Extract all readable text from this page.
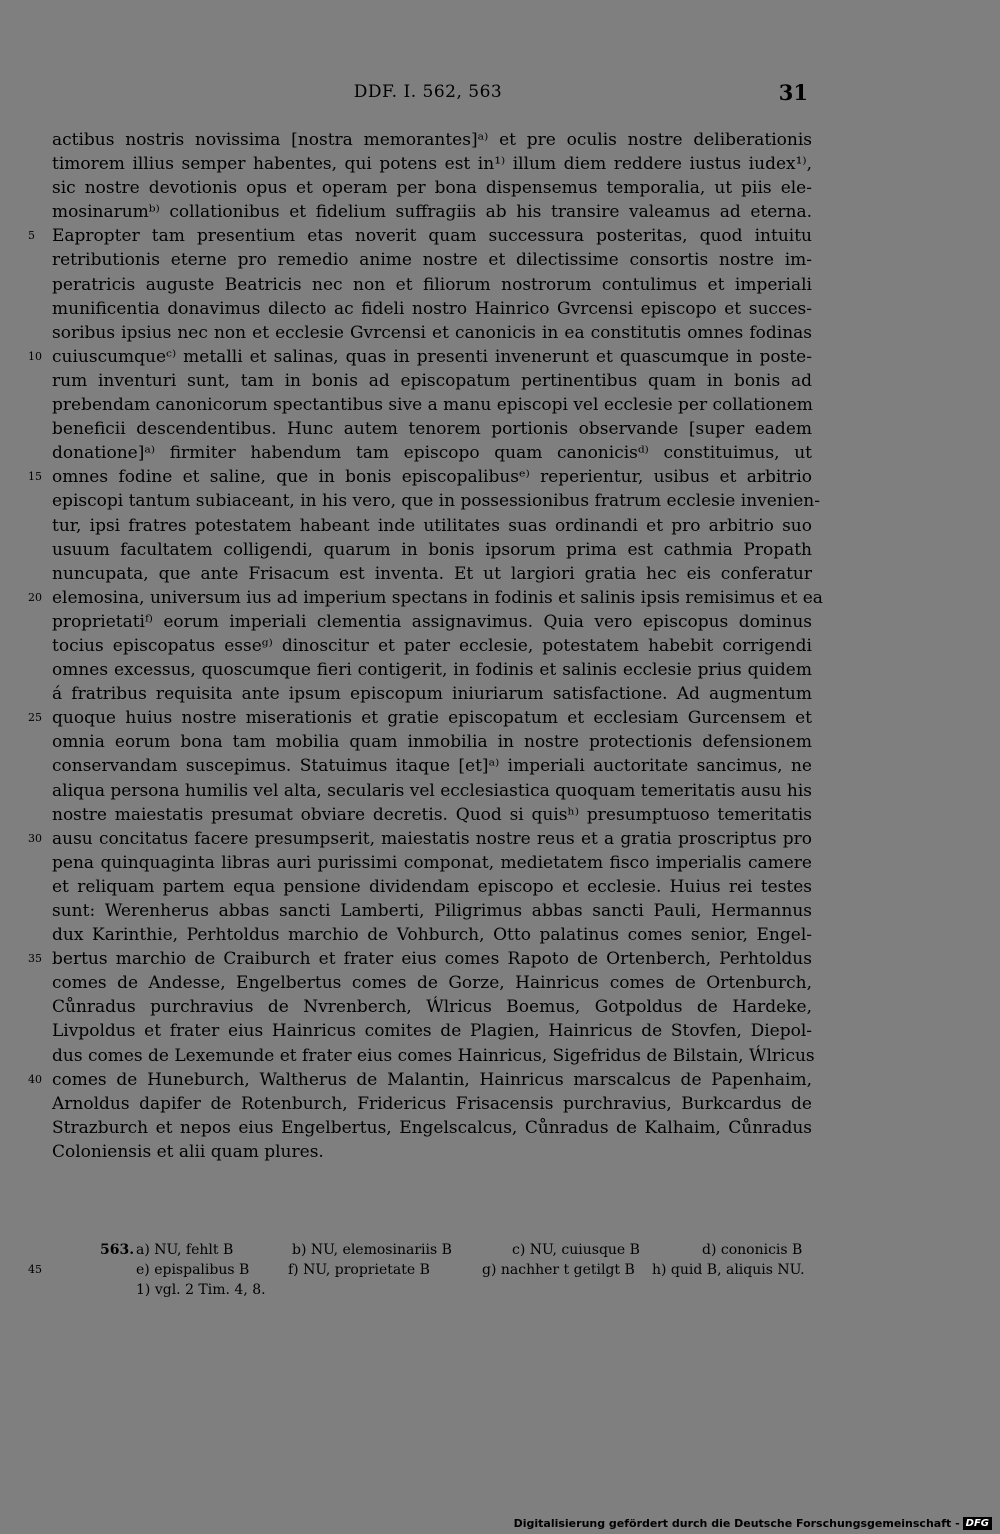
DDF. I. 562, 563	31
actibus nostris novissima [nostra memorantes]ᵃ⁾ et pre oculis nostre deliberationis
timorem illius semper habentes, qui potens est in¹⁾ illum diem reddere iustus iudex¹⁾,
sic nostre devotionis opus et operam per bona dispensemus temporalia, ut piis ele-
mosinarumᵇ⁾ collationibus et fidelium suffragiis ab his transire valeamus ad eterna.
5 Eapropter tam presentium etas noverit quam successura posteritas, quod intuitu
retributionis eterne pro remedio anime nostre et dilectissime consortis nostre im-
peratricis auguste Beatricis nec non et filiorum nostrorum contulimus et imperiali
munificentia donavimus dilecto ac fideli nostro Hainrico Gvrcensi episcopo et succes-
soribus ipsius nec non et ecclesie Gvrcensi et canonicis in ea constitutis omnes fodinas
10 cuiuscumqueᶜ⁾ metalli et salinas, quas in presenti invenerunt et quascumque in poste-
rum inventuri sunt, tam in bonis ad episcopatum pertinentibus quam in bonis ad
prebendam canonicorum spectantibus sive a manu episcopi vel ecclesie per collationem
beneficii descendentibus. Hunc autem tenorem portionis observande [super eadem
donatione]ᵃ⁾ firmiter habendum tam episcopo quam canonicisᵈ⁾ constituimus, ut
15 omnes fodine et saline, que in bonis episcopalibusᵉ⁾ reperientur, usibus et arbitrio
episcopi tantum subiaceant, in his vero, que in possessionibus fratrum ecclesie invenien-
tur, ipsi fratres potestatem habeant inde utilitates suas ordinandi et pro arbitrio suo
usuum facultatem colligendi, quarum in bonis ipsorum prima est cathmia Propath
nuncupata, que ante Frisacum est inventa. Et ut largiori gratia hec eis conferatur
20 elemosina, universum ius ad imperium spectans in fodinis et salinis ipsis remisimus et ea
proprietatiᶠ⁾ eorum imperiali clementia assignavimus. Quia vero episcopus dominus
tocius episcopatus esseᵍ⁾ dinoscitur et pater ecclesie, potestatem habebit corrigendi
omnes excessus, quoscumque fieri contigerit, in fodinis et salinis ecclesie prius quidem
á fratribus requisita ante ipsum episcopum iniuriarum satisfactione. Ad augmentum
25 quoque huius nostre miserationis et gratie episcopatum et ecclesiam Gurcensem et
omnia eorum bona tam mobilia quam inmobilia in nostre protectionis defensionem
conservandam suscepimus. Statuimus itaque [et]ᵃ⁾ imperiali auctoritate sancimus, ne
aliqua persona humilis vel alta, secularis vel ecclesiastica quoquam temeritatis ausu his
nostre maiestatis presumat obviare decretis. Quod si quisʰ⁾ presumptuoso temeritatis
30 ausu concitatus facere presumpserit, maiestatis nostre reus et a gratia proscriptus pro
pena quinquaginta libras auri purissimi componat, medietatem fisco imperialis camere
et reliquam partem equa pensione dividendam episcopo et ecclesie. Huius rei testes
sunt: Werenherus abbas sancti Lamberti, Piligrimus abbas sancti Pauli, Hermannus
dux Karinthie, Perhtoldus marchio de Vohburch, Otto palatinus comes senior, Engel-
35 bertus marchio de Craiburch et frater eius comes Rapoto de Ortenberch, Perhtoldus
comes de Andesse, Engelbertus comes de Gorze, Hainricus comes de Ortenburch,
Cůnradus purchravius de Nvrenberch, Ẃlricus Boemus, Gotpoldus de Hardeke,
Livpoldus et frater eius Hainricus comites de Plagien, Hainricus de Stovfen, Diepol-
dus comes de Lexemunde et frater eius comes Hainricus, Sigefridus de Bilstain, Ẃlricus
40 comes de Huneburch, Waltherus de Malantin, Hainricus marscalcus de Papenhaim,
Arnoldus dapifer de Rotenburch, Fridericus Frisacensis purchravius, Burkcardus de
Strazburch et nepos eius Engelbertus, Engelscalcus, Cůnradus de Kalhaim, Cůnradus
Coloniensis et alii quam plures.
563. a) NU, fehlt B	b) NU, elemosinariis B	c) NU, cuiusque B	d) cononicis B
45	e) epispalibus B	f) NU, proprietate B	g) nachher t getilgt B h) quid B, aliquis NU.
1) vgl. 2 Tim. 4, 8.
Digitalisierung gefördert durch die Deutsche Forschungsgemeinschaft - DFG
